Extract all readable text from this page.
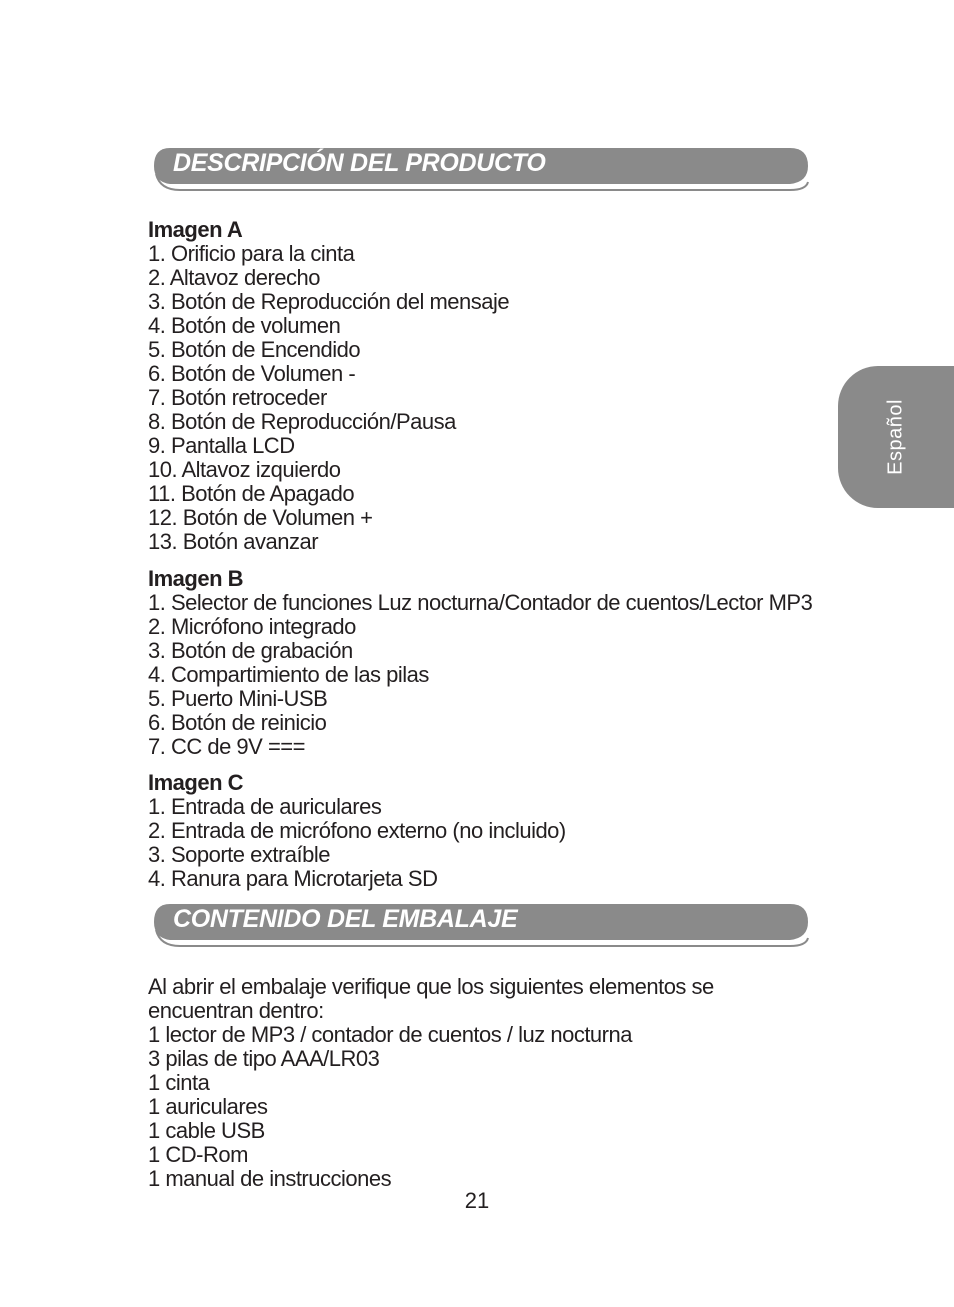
DESCRIPCIÓN DEL PRODUCTO
Imagen A
1. Orificio para la cinta
2. Altavoz derecho
3. Botón de Reproducción del mensaje
4. Botón de volumen
5. Botón de Encendido
6. Botón de Volumen -
7. Botón retroceder
8. Botón de Reproducción/Pausa
9. Pantalla LCD
10. Altavoz izquierdo
11. Botón de Apagado
12. Botón de Volumen +
13. Botón avanzar
Imagen B
1. Selector de funciones Luz nocturna/Contador de cuentos/Lector MP3
2. Micrófono integrado
3. Botón de grabación
4. Compartimiento de las pilas
5. Puerto Mini-USB
6. Botón de reinicio
7. CC de 9V ===
Imagen C
1. Entrada de auriculares
2. Entrada de micrófono externo (no incluido)
3. Soporte extraíble
4. Ranura para Microtarjeta SD
CONTENIDO DEL EMBALAJE
Al abrir el embalaje verifique que los siguientes elementos se
encuentran dentro:
1 lector de MP3 / contador de cuentos / luz nocturna
3 pilas de tipo AAA/LR03
1 cinta
1 auriculares
1 cable USB
1 CD-Rom
1 manual de instrucciones
Español
21
